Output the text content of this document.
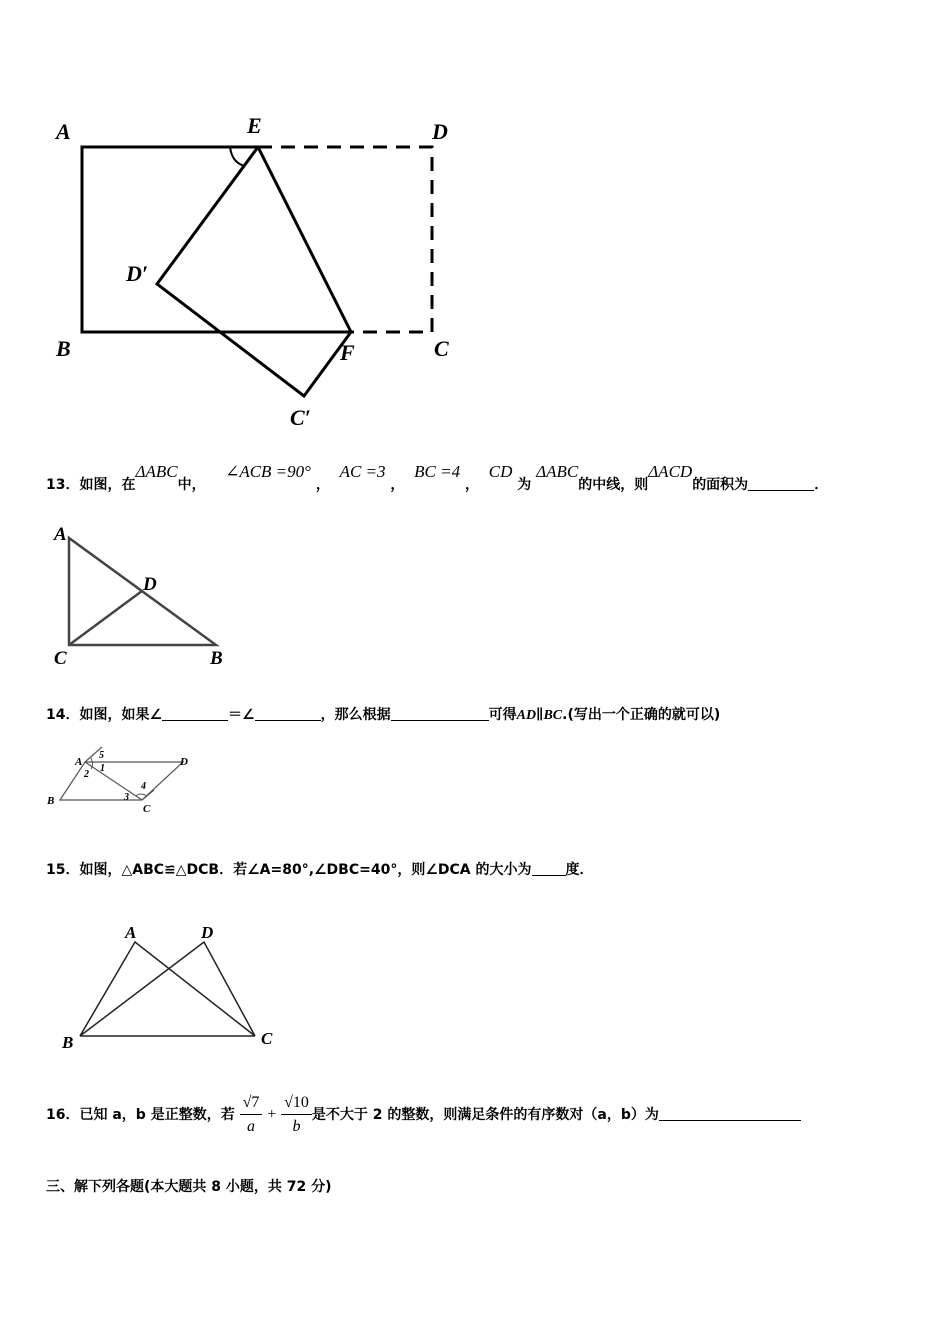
A	E	D
D′
B	F	C
C′
13．如图，在ΔABC中，    ∠ACB =90° ，  AC =3 ，  BC =4 ，  CD 为 ΔABC的中线，则ΔACD的面积为	．
A
D
C	B
14．如图，如果∠	＝∠	，那么根据	可得AD∥BC.(写出一个正确的就可以)
A	D
B
C
1
2
3
4
5
15．如图，△ABC≌△DCB．若∠A=80°,∠DBC=40°，则∠DCA 的大小为 度．
A	D
B	C
16．已知 a，b 是正整数，若 $\frac{√7}{a} + \frac{√10}{b}$ 是不大于 2 的整数，则满足条件的有序数对（a，b）为
三、解下列各题(本大题共 8 小题，共 72 分)
